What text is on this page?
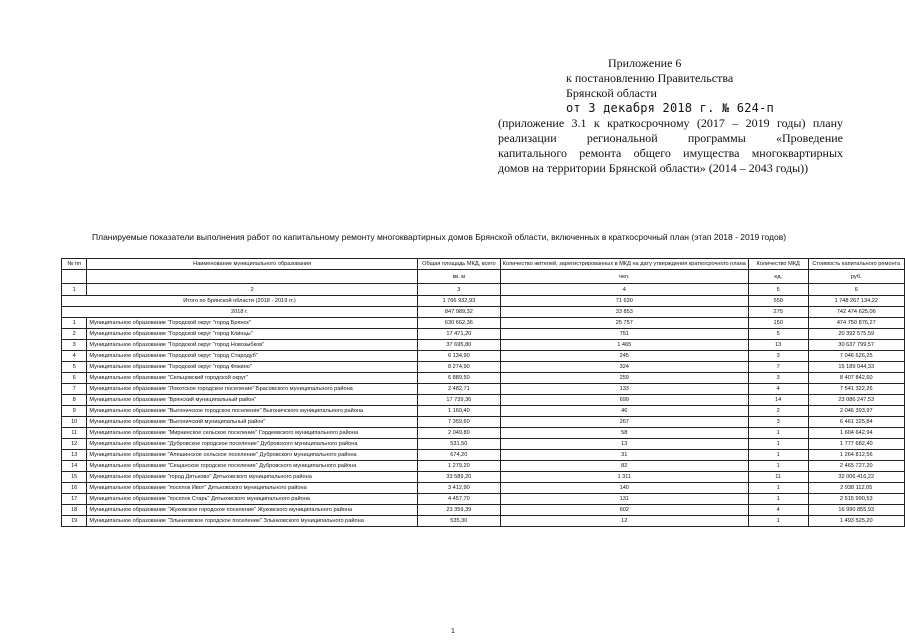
Приложение 6
к постановлению Правительства
Брянской области
от 3 декабря 2018 г. № 624-п
(приложение 3.1 к краткосрочному (2017 – 2019 годы) плану
реализации региональной программы «Проведение
капитального ремонта общего имущества многоквартирных
домов на территории Брянской области» (2014 – 2043 годы))
Планируемые показатели выполнения работ по капитальному ремонту многоквартирных домов Брянской области, включенных в краткосрочный план (этап 2018 - 2019 годов)
№ пп	Наименование муниципального образования	Общая площадь МКД, всего	Количество жителей, зарегистрированных в МКД на дату утверждения краткосрочного плана	Количество МКД	Стоимость капитального ремонта
		кв. м	чел.	ед.	руб.
1	2	3	4	5	6
Итого по Брянской области (2018 - 2019 гг.)		1 766 932,93	71 630	550	1 748 267 134,22
2018 г.		847 989,32	33 853	275	742 474 625,06
1	Муниципальное образование "Городской округ "город Брянск"	630 662,36	25 757	150	474 750 876,27
2	Муниципальное образование "Городской округ "город Клинцы"	17 471,20	751	5	20 392 575,59
3	Муниципальное образование "Городской округ "город Новозыбков"	37 695,80	1 465	13	30 637 799,57
4	Муниципальное образование "Городской округ "город Стародуб"	6 134,90	245	3	7 046 626,25
5	Муниципальное образование "Городской округ "город Фокино"	8 274,90	324	7	15 189 044,33
6	Муниципальное образование "Сельцовский городской округ"	6 889,50	259	3	8 407 842,60
7	Муниципальное образование "Локотское городское поселение" Брасовского муниципального района	2 482,71	133	4	7 541 322,26
8	Муниципальное образование "Брянский муниципальный район"	17 739,36	699	14	23 086 247,53
9	Муниципальное образование "Выгоничское городское поселение" Выгоничского муниципального района	1 160,40	46	2	2 046 393,97
10	Муниципальное образование "Выгоничский муниципальный район"	7 359,60	267	3	6 461 325,84
11	Муниципальное образование "Мирнинское сельское поселение" Гордеевского муниципального района	2 049,80	58	1	1 604 642,94
12	Муниципальное образование "Дубровское городское поселение" Дубровского муниципального района	531,50	13	1	1 777 682,40
13	Муниципальное образование "Алешинское сельское поселение" Дубровского муниципального района	674,20	31	1	1 264 812,56
14	Муниципальное образование "Сещанское городское поселение" Дубровского муниципального района	1 279,20	82	1	2 465 727,20
15	Муниципальное образование "город Дятьково" Дятьковского муниципального района	33 589,20	1 311	11	32 006 416,22
16	Муниципальное образование "поселок Ивот" Дятьковского муниципального района	3 412,90	140	1	2 938 112,05
17	Муниципальное образование "поселок Старь" Дятьковского муниципального района	4 457,70	131	1	2 515 990,53
18	Муниципальное образование "Жуковское городское поселение" Жуковского муниципального района	23 359,39	602	4	16 990 855,93
19	Муниципальное образование "Злынковское городское поселение" Злынковского муниципального района	535,30	12	1	1 493 525,20
1
